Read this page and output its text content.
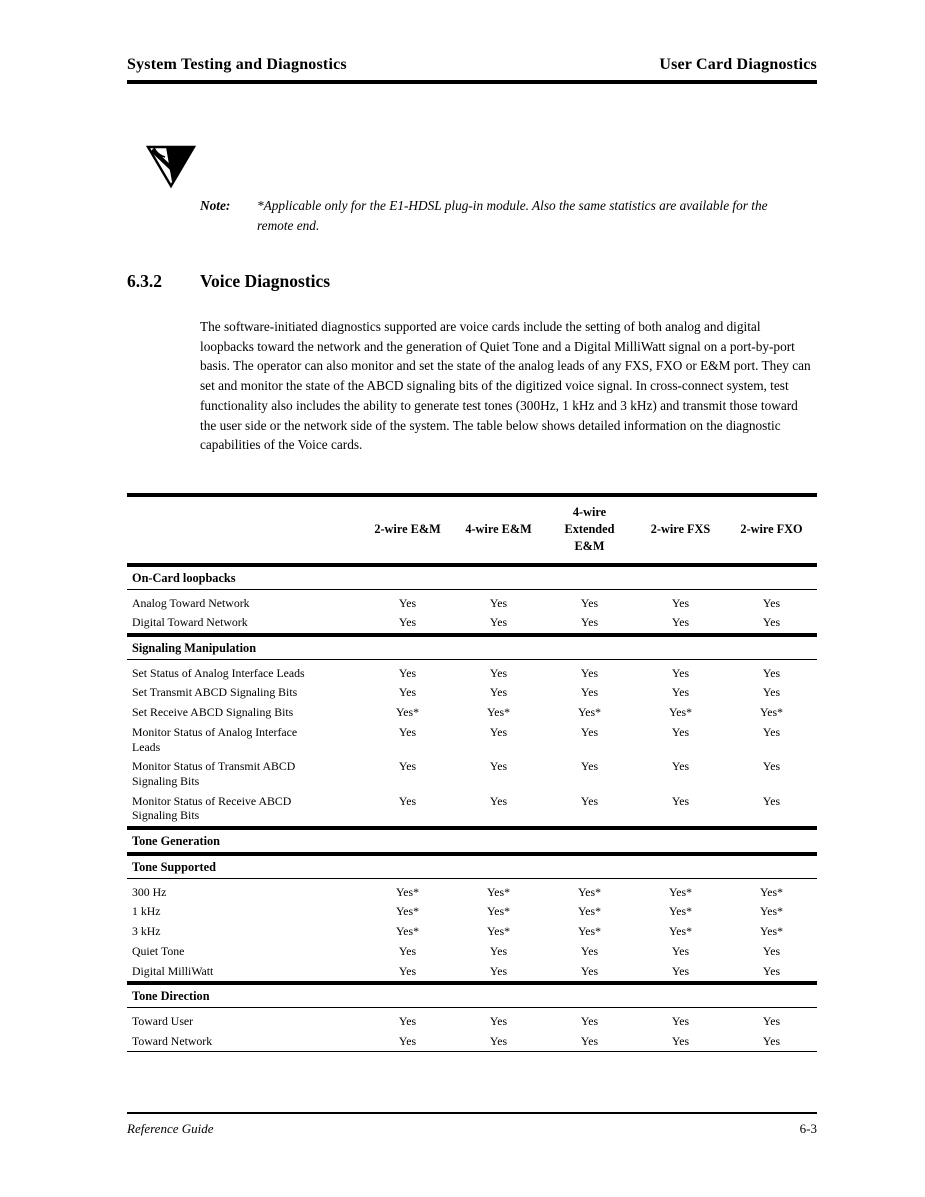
System Testing and Diagnostics	User Card Diagnostics
Note:	*Applicable only for the E1-HDSL plug-in module. Also the same statistics are available for the remote end.
6.3.2 Voice Diagnostics
The software-initiated diagnostics supported are voice cards include the setting of both analog and digital loopbacks toward the network and the generation of Quiet Tone and a Digital MilliWatt signal on a port-by-port basis. The operator can also monitor and set the state of the analog leads of any FXS, FXO or E&M port. They can set and monitor the state of the ABCD signaling bits of the digitized voice signal. In cross-connect system, test functionality also includes the ability to generate test tones (300Hz, 1 kHz and 3 kHz) and transmit those toward the user side or the network side of the system. The table below shows detailed information on the diagnostic capabilities of the Voice cards.
	2-wire E&M	4-wire E&M	4-wire Extended E&M	2-wire FXS	2-wire FXO
On-Card loopbacks					
Analog Toward Network	Yes	Yes	Yes	Yes	Yes
Digital Toward Network	Yes	Yes	Yes	Yes	Yes
Signaling Manipulation					
Set Status of Analog Interface Leads	Yes	Yes	Yes	Yes	Yes
Set Transmit ABCD Signaling Bits	Yes	Yes	Yes	Yes	Yes
Set Receive ABCD Signaling Bits	Yes*	Yes*	Yes*	Yes*	Yes*
Monitor Status of Analog Interface Leads	Yes	Yes	Yes	Yes	Yes
Monitor Status of Transmit ABCD Signaling Bits	Yes	Yes	Yes	Yes	Yes
Monitor Status of Receive ABCD Signaling Bits	Yes	Yes	Yes	Yes	Yes
Tone Generation					
Tone Supported					
300 Hz	Yes*	Yes*	Yes*	Yes*	Yes*
1 kHz	Yes*	Yes*	Yes*	Yes*	Yes*
3 kHz	Yes*	Yes*	Yes*	Yes*	Yes*
Quiet Tone	Yes	Yes	Yes	Yes	Yes
Digital MilliWatt	Yes	Yes	Yes	Yes	Yes
Tone Direction					
Toward User	Yes	Yes	Yes	Yes	Yes
Toward Network	Yes	Yes	Yes	Yes	Yes
Reference Guide	6-3
